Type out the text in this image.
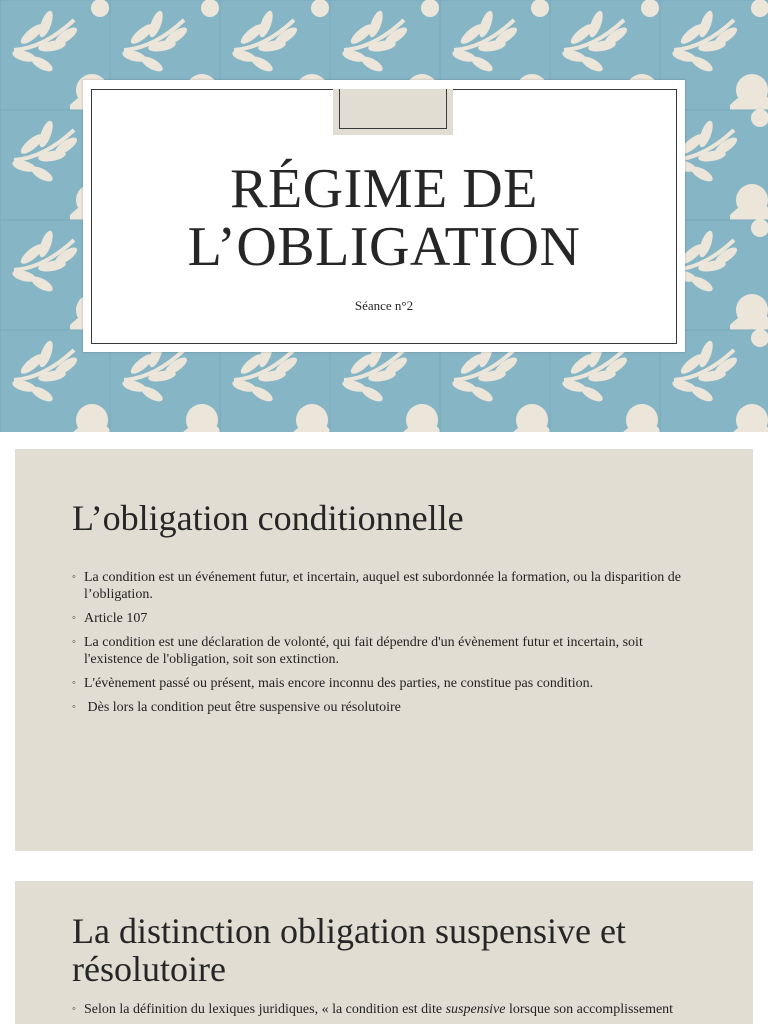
RÉGIME DE
L’OBLIGATION

Séance n°2

L’obligation conditionnelle
◦ La condition est un événement futur, et incertain, auquel est subordonnée la formation, ou la disparition de l’obligation.
◦ Article 107
◦ La condition est une déclaration de volonté, qui fait dépendre d'un évènement futur et incertain, soit l'existence de l'obligation, soit son extinction.
◦ L'évènement passé ou présent, mais encore inconnu des parties, ne constitue pas condition.
◦ Dès lors la condition peut être suspensive ou résolutoire
La distinction obligation suspensive et résolutoire
◦ Selon la définition du lexiques juridiques, « la condition est dite suspensive lorsque son accomplissement
